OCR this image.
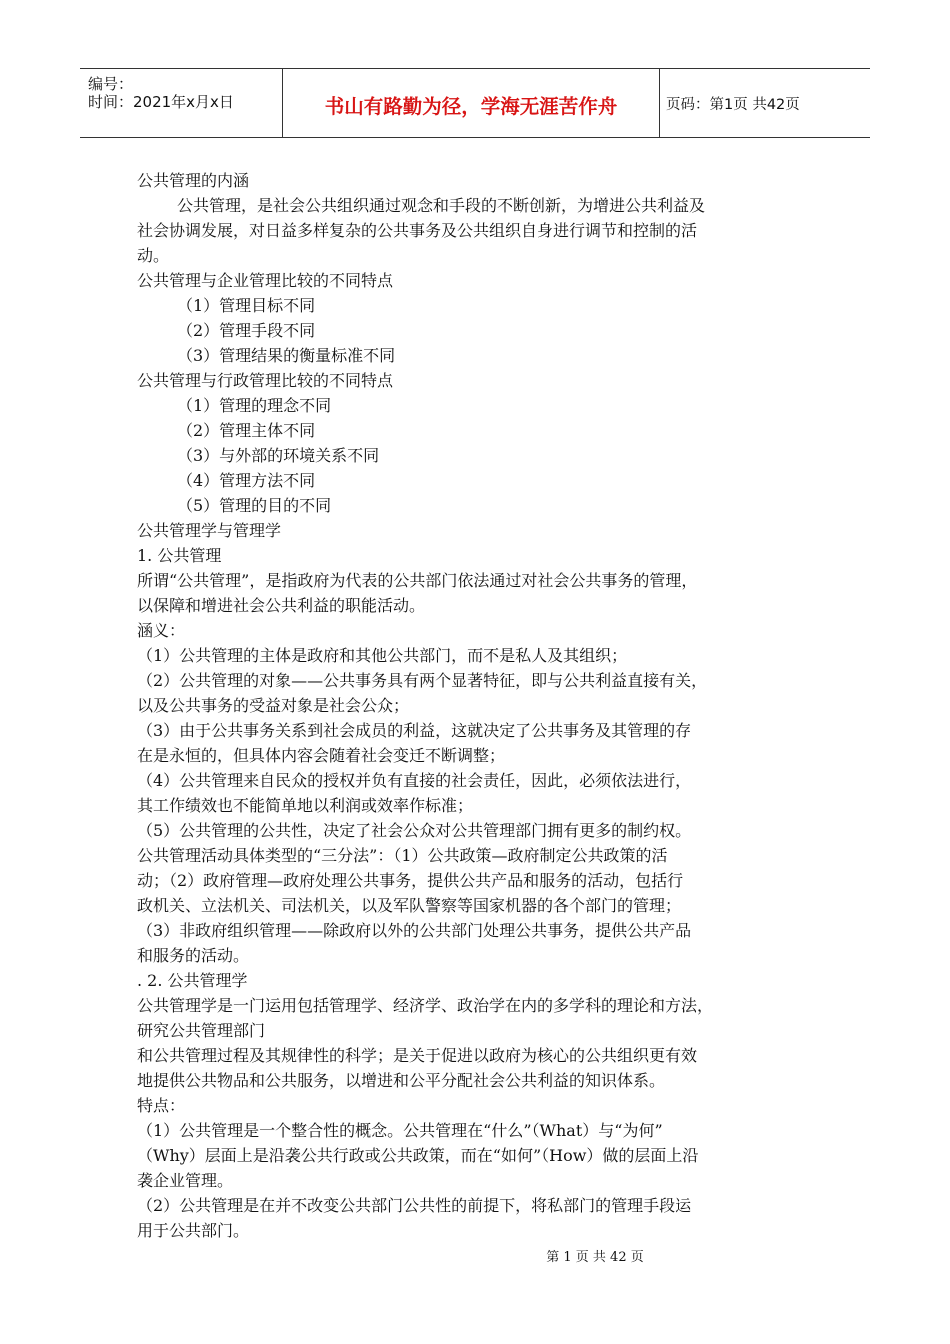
编号：
时间：2021年x月x日	书山有路勤为径，学海无涯苦作舟	页码：第1页 共42页
公共管理的内涵
公共管理，是社会公共组织通过观念和手段的不断创新，为增进公共利益及
社会协调发展，对日益多样复杂的公共事务及公共组织自身进行调节和控制的活
动。
公共管理与企业管理比较的不同特点
（1）管理目标不同
（2）管理手段不同
（3）管理结果的衡量标准不同
公共管理与行政管理比较的不同特点
（1）管理的理念不同
（2）管理主体不同
（3）与外部的环境关系不同
（4）管理方法不同
（5）管理的目的不同
公共管理学与管理学
1. 公共管理
所谓“公共管理”，是指政府为代表的公共部门依法通过对社会公共事务的管理，
以保障和增进社会公共利益的职能活动。
涵义：
（1）公共管理的主体是政府和其他公共部门，而不是私人及其组织；
（2）公共管理的对象——公共事务具有两个显著特征，即与公共利益直接有关，
以及公共事务的受益对象是社会公众；
（3）由于公共事务关系到社会成员的利益，这就决定了公共事务及其管理的存
在是永恒的，但具体内容会随着社会变迁不断调整；
（4）公共管理来自民众的授权并负有直接的社会责任，因此，必须依法进行，
其工作绩效也不能简单地以利润或效率作标准；
（5）公共管理的公共性，决定了社会公众对公共管理部门拥有更多的制约权。
公共管理活动具体类型的“三分法”：（1）公共政策—政府制定公共政策的活
动；（2）政府管理—政府处理公共事务，提供公共产品和服务的活动，包括行
政机关、立法机关、司法机关，以及军队警察等国家机器的各个部门的管理；
（3）非政府组织管理——除政府以外的公共部门处理公共事务，提供公共产品
和服务的活动。
. 2. 公共管理学
公共管理学是一门运用包括管理学、经济学、政治学在内的多学科的理论和方法，
研究公共管理部门
和公共管理过程及其规律性的科学；是关于促进以政府为核心的公共组织更有效
地提供公共物品和公共服务，以增进和公平分配社会公共利益的知识体系。
特点：
（1）公共管理是一个整合性的概念。公共管理在“什么”（What）与“为何”
（Why）层面上是沿袭公共行政或公共政策，而在“如何”（How）做的层面上沿
袭企业管理。
（2）公共管理是在并不改变公共部门公共性的前提下，将私部门的管理手段运
用于公共部门。
第 1 页 共 42 页
